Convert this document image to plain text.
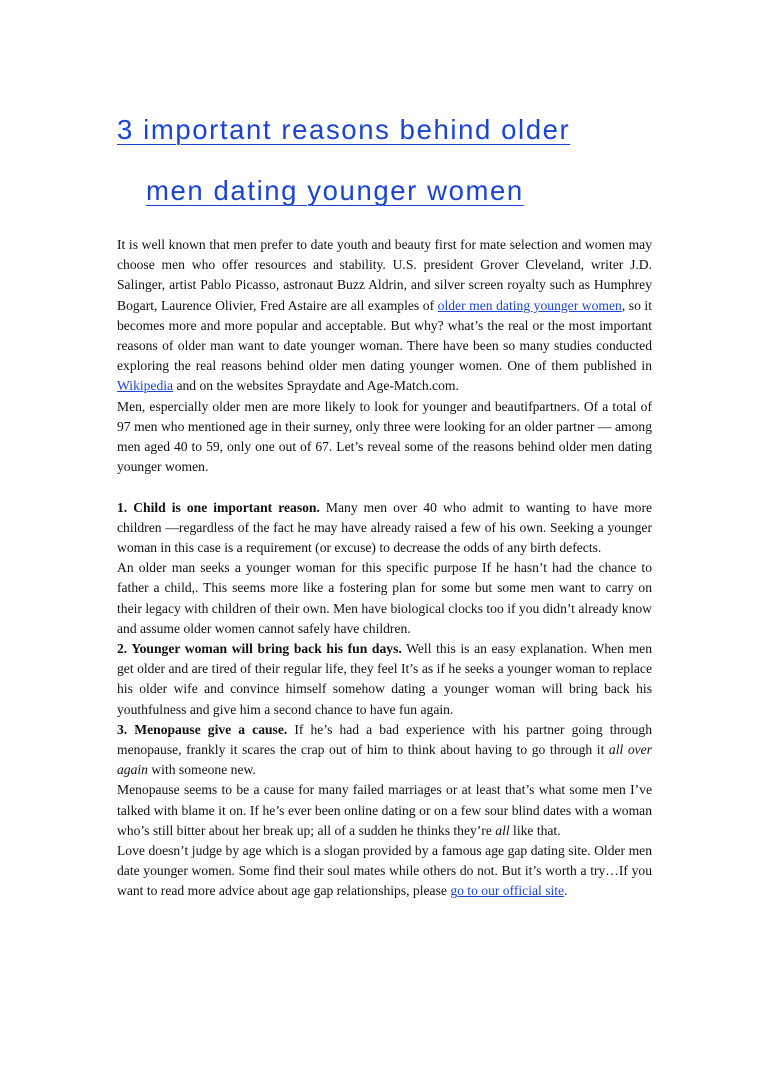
3 important reasons behind older
men dating younger women

It is well known that men prefer to date youth and beauty first for mate selection and women may choose men who offer resources and stability. U.S. president Grover Cleveland, writer J.D. Salinger, artist Pablo Picasso, astronaut Buzz Aldrin, and silver screen royalty such as Humphrey Bogart, Laurence Olivier, Fred Astaire are all examples of older men dating younger women, so it becomes more and more popular and acceptable. But why? what’s the real or the most important reasons of older man want to date younger woman. There have been so many studies conducted exploring the real reasons behind older men dating younger women. One of them published in Wikipedia and on the websites Spraydate and Age-Match.com.

Men, espercially older men are more likely to look for younger and beautifpartners. Of a total of 97 men who mentioned age in their surney, only three were looking for an older partner — among men aged 40 to 59, only one out of 67. Let’s reveal some of the reasons behind older men dating younger women.

1. Child is one important reason. Many men over 40 who admit to wanting to have more children —regardless of the fact he may have already raised a few of his own. Seeking a younger woman in this case is a requirement (or excuse) to decrease the odds of any birth defects.

An older man seeks a younger woman for this specific purpose If he hasn’t had the chance to father a child,. This seems more like a fostering plan for some but some men want to carry on their legacy with children of their own. Men have biological clocks too if you didn’t already know and assume older women cannot safely have children.

2. Younger woman will bring back his fun days. Well this is an easy explanation. When men get older and are tired of their regular life, they feel It’s as if he seeks a younger woman to replace his older wife and convince himself somehow dating a younger woman will bring back his youthfulness and give him a second chance to have fun again.

3. Menopause give a cause. If he’s had a bad experience with his partner going through menopause, frankly it scares the crap out of him to think about having to go through it all over again with someone new.

Menopause seems to be a cause for many failed marriages or at least that’s what some men I’ve talked with blame it on. If he’s ever been online dating or on a few sour blind dates with a woman who’s still bitter about her break up; all of a sudden he thinks they’re all like that.

Love doesn’t judge by age which is a slogan provided by a famous age gap dating site. Older men date younger women. Some find their soul mates while others do not. But it’s worth a try…If you want to read more advice about age gap relationships, please go to our official site.
